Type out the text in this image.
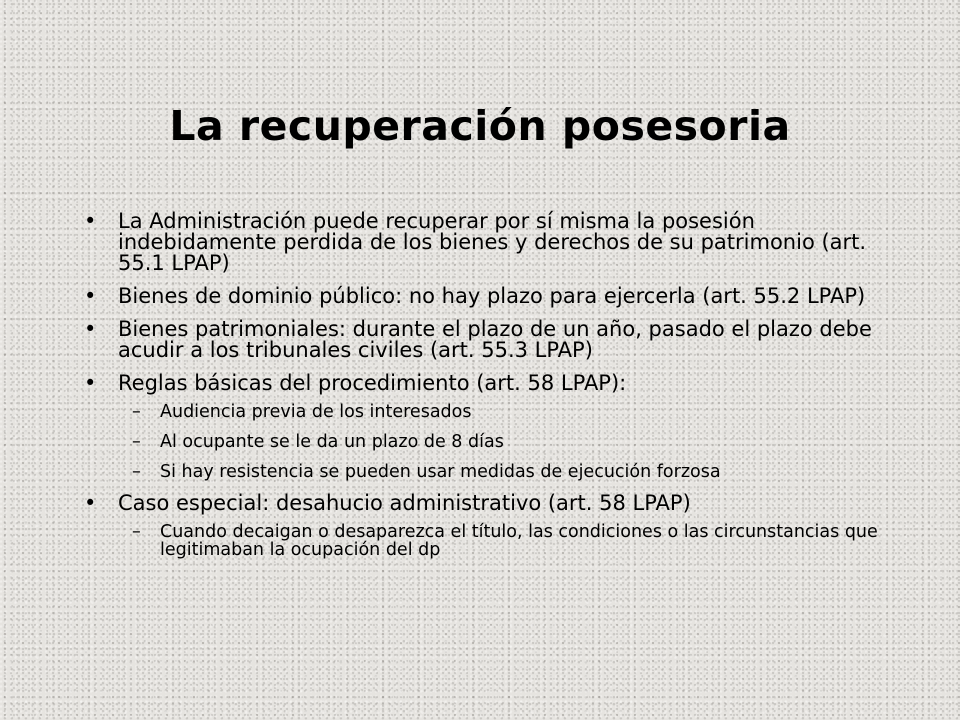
La recuperación posesoria
• La Administración puede recuperar por sí misma la posesión indebidamente perdida de los bienes y derechos de su patrimonio (art. 55.1 LPAP)
• Bienes de dominio público: no hay plazo para ejercerla (art. 55.2 LPAP)
• Bienes patrimoniales: durante el plazo de un año, pasado el plazo debe acudir a los tribunales civiles (art. 55.3 LPAP)
• Reglas básicas del procedimiento (art. 58 LPAP):
– Audiencia previa de los interesados
– Al ocupante se le da un plazo de 8 días
– Si hay resistencia se pueden usar medidas de ejecución forzosa
• Caso especial: desahucio administrativo (art. 58 LPAP)
– Cuando decaigan o desaparezca el título, las condiciones o las circunstancias que legitimaban la ocupación del dp
